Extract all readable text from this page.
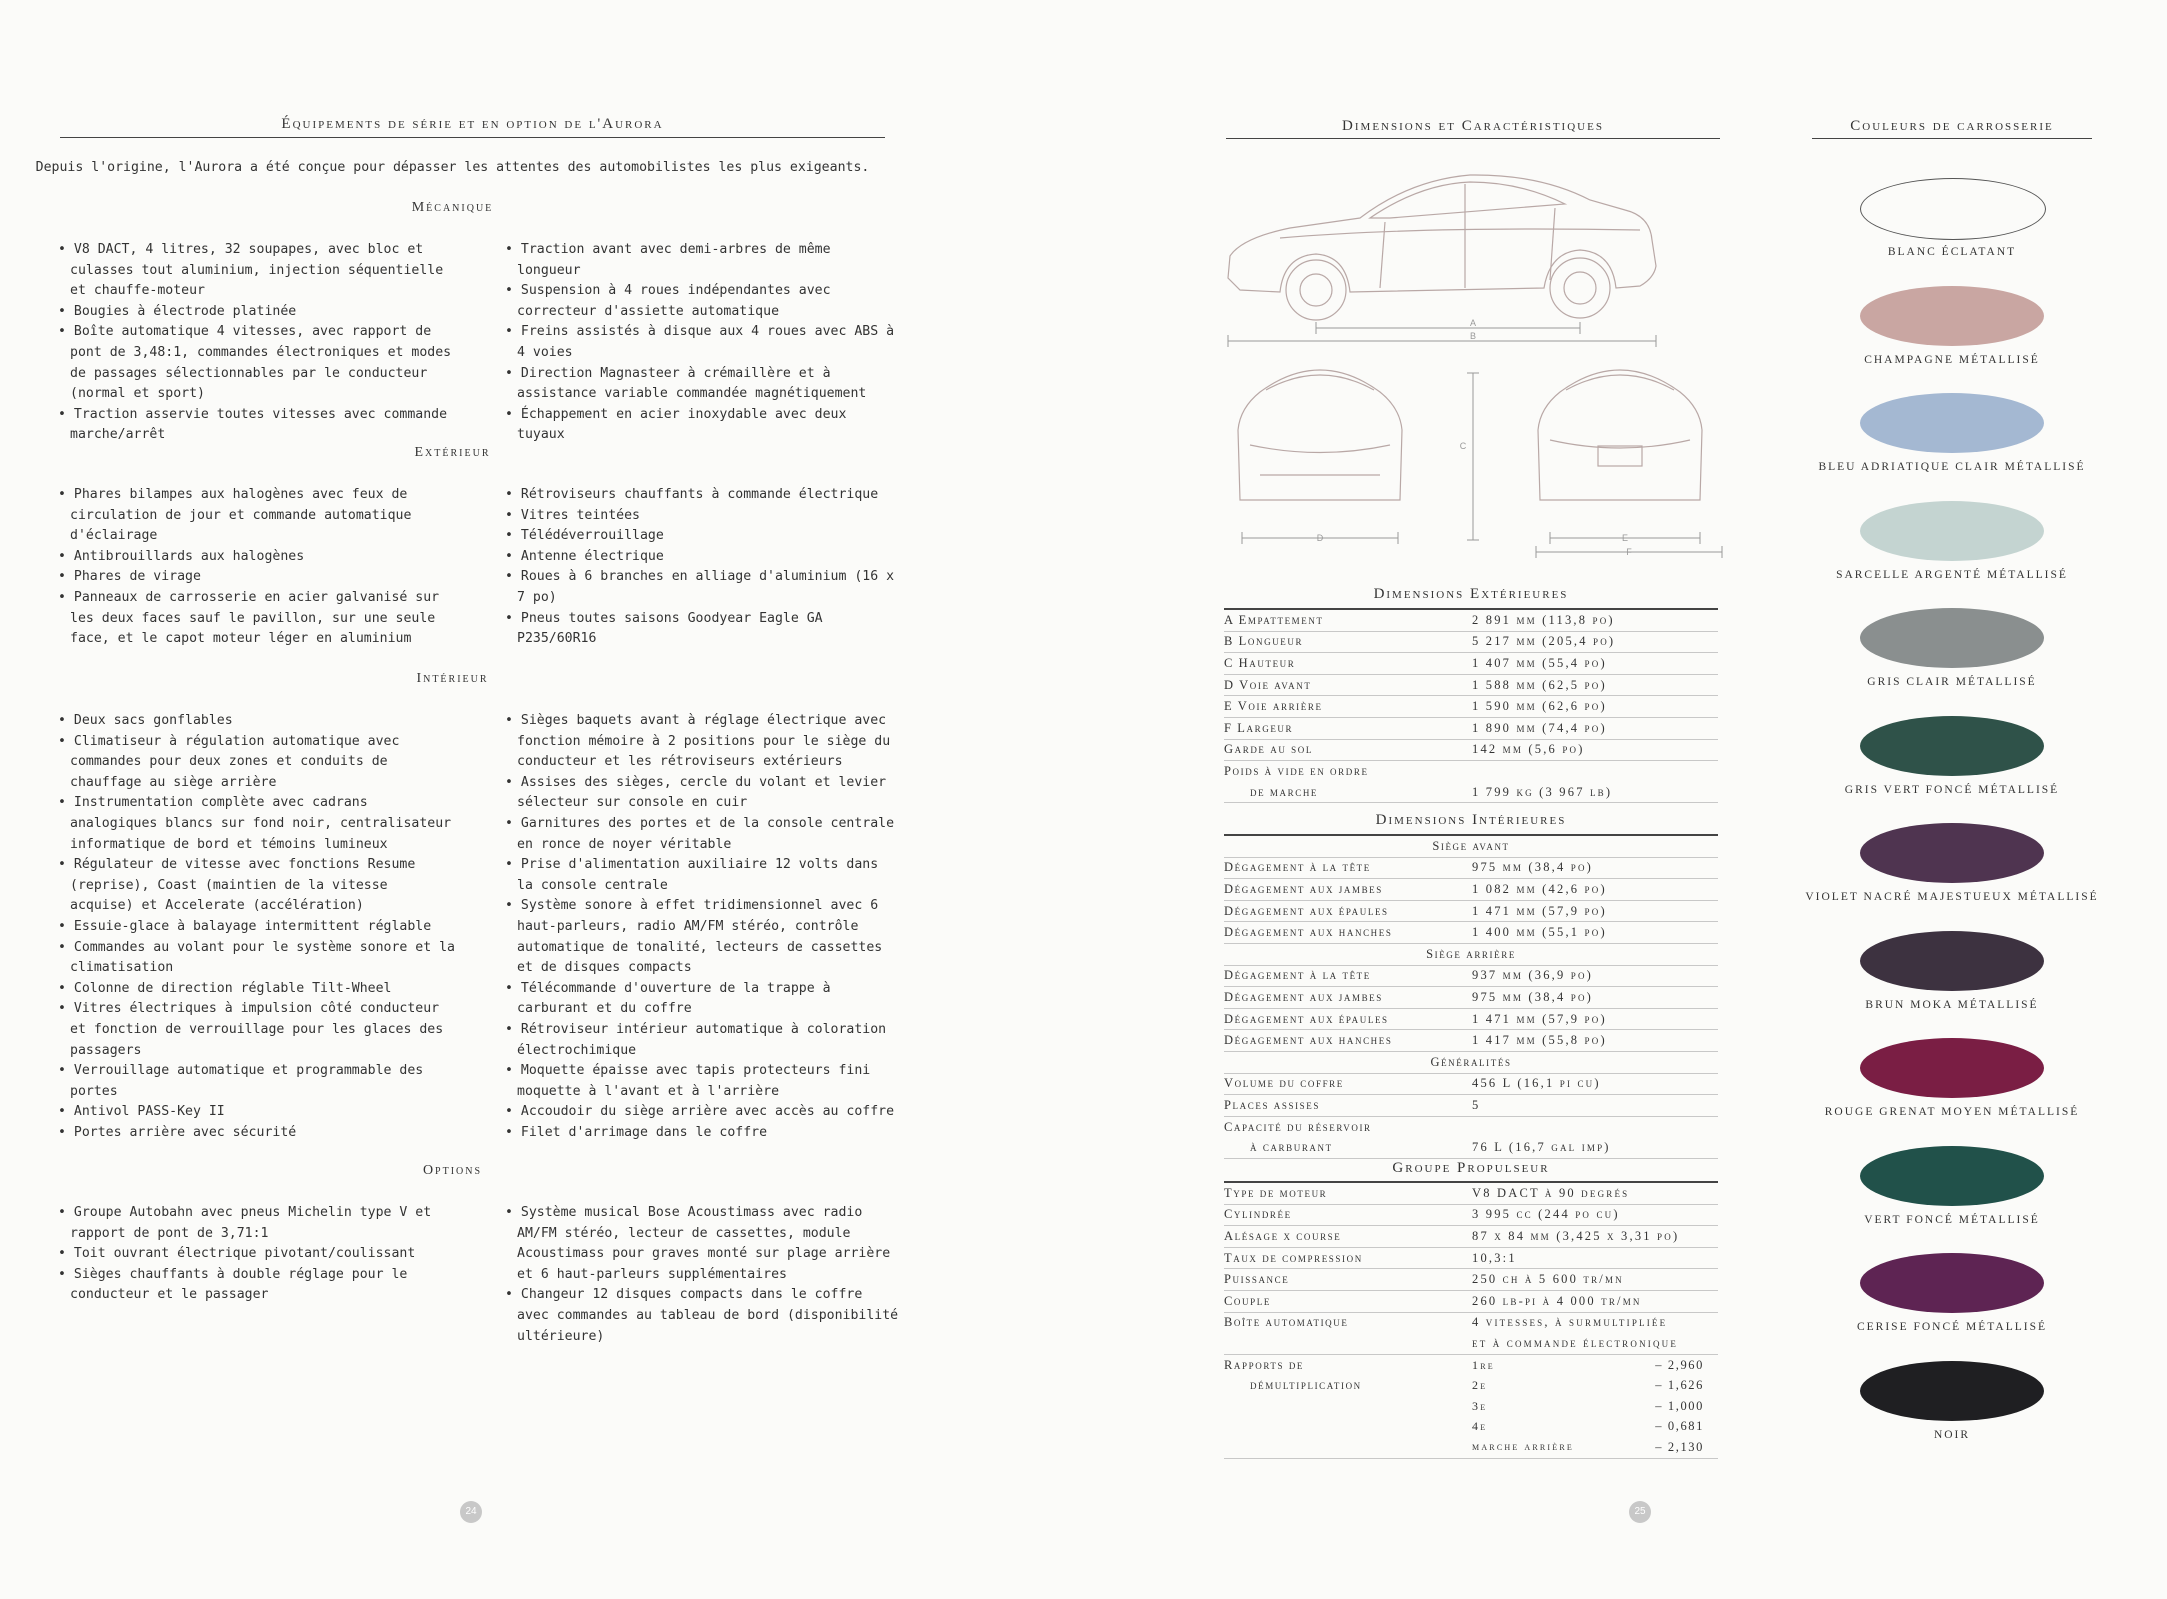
Équipements de série et en option de l'Aurora
Depuis l'origine, l'Aurora a été conçue pour dépasser les attentes des automobilistes les plus exigeants.
Mécanique
• V8 DACT, 4 litres, 32 soupapes, avec bloc et culasses tout aluminium, injection séquentielle et chauffe-moteur
• Bougies à électrode platinée
• Boîte automatique 4 vitesses, avec rapport de pont de 3,48:1, commandes électroniques et modes de passages sélectionnables par le conducteur (normal et sport)
• Traction asservie toutes vitesses avec commande marche/arrêt
• Traction avant avec demi-arbres de même longueur
• Suspension à 4 roues indépendantes avec correcteur d'assiette automatique
• Freins assistés à disque aux 4 roues avec ABS à 4 voies
• Direction Magnasteer à crémaillère et à assistance variable commandée magnétiquement
• Échappement en acier inoxydable avec deux tuyaux
Extérieur
• Phares bilampes aux halogènes avec feux de circulation de jour et commande automatique d'éclairage
• Antibrouillards aux halogènes
• Phares de virage
• Panneaux de carrosserie en acier galvanisé sur les deux faces sauf le pavillon, sur une seule face, et le capot moteur léger en aluminium
• Rétroviseurs chauffants à commande électrique
• Vitres teintées
• Télédéverrouillage
• Antenne électrique
• Roues à 6 branches en alliage d'aluminium (16 x 7 po)
• Pneus toutes saisons Goodyear Eagle GA P235/60R16
Intérieur
• Deux sacs gonflables
• Climatiseur à régulation automatique avec commandes pour deux zones et conduits de chauffage au siège arrière
• Instrumentation complète avec cadrans analogiques blancs sur fond noir, centralisateur informatique de bord et témoins lumineux
• Régulateur de vitesse avec fonctions Resume (reprise), Coast (maintien de la vitesse acquise) et Accelerate (accélération)
• Essuie-glace à balayage intermittent réglable
• Commandes au volant pour le système sonore et la climatisation
• Colonne de direction réglable Tilt-Wheel
• Vitres électriques à impulsion côté conducteur et fonction de verrouillage pour les glaces des passagers
• Verrouillage automatique et programmable des portes
• Antivol PASS-Key II
• Portes arrière avec sécurité
• Sièges baquets avant à réglage électrique avec fonction mémoire à 2 positions pour le siège du conducteur et les rétroviseurs extérieurs
• Assises des sièges, cercle du volant et levier sélecteur sur console en cuir
• Garnitures des portes et de la console centrale en ronce de noyer véritable
• Prise d'alimentation auxiliaire 12 volts dans la console centrale
• Système sonore à effet tridimensionnel avec 6 haut-parleurs, radio AM/FM stéréo, contrôle automatique de tonalité, lecteurs de cassettes et de disques compacts
• Télécommande d'ouverture de la trappe à carburant et du coffre
• Rétroviseur intérieur automatique à coloration électrochimique
• Moquette épaisse avec tapis protecteurs fini moquette à l'avant et à l'arrière
• Accoudoir du siège arrière avec accès au coffre
• Filet d'arrimage dans le coffre
Options
• Groupe Autobahn avec pneus Michelin type V et rapport de pont de 3,71:1
• Toit ouvrant électrique pivotant/coulissant
• Sièges chauffants à double réglage pour le conducteur et le passager
• Système musical Bose Acoustimass avec radio AM/FM stéréo, lecteur de cassettes, module Acoustimass pour graves monté sur plage arrière et 6 haut-parleurs supplémentaires
• Changeur 12 disques compacts dans le coffre avec commandes au tableau de bord (disponibilité ultérieure)
24
Dimensions et Caractéristiques
A
B
C
D	E
F
Dimensions Extérieures
A Empattement	2 891 mm (113,8 po)
B Longueur	5 217 mm (205,4 po)
C Hauteur	1 407 mm (55,4 po)
D Voie avant	1 588 mm (62,5 po)
E Voie arrière	1 590 mm (62,6 po)
F Largeur	1 890 mm (74,4 po)
Garde au sol	142 mm (5,6 po)
Poids à vide en ordre	
de marche	1 799 kg (3 967 lb)
Dimensions Intérieures
Siège avant	
Dégagement à la tête	975 mm (38,4 po)
Dégagement aux jambes	1 082 mm (42,6 po)
Dégagement aux épaules	1 471 mm (57,9 po)
Dégagement aux hanches	1 400 mm (55,1 po)
Siège arrière	
Dégagement à la tête	937 mm (36,9 po)
Dégagement aux jambes	975 mm (38,4 po)
Dégagement aux épaules	1 471 mm (57,9 po)
Dégagement aux hanches	1 417 mm (55,8 po)
Généralités	
Volume du coffre	456 L (16,1 pi cu)
Places assises	5
Capacité du réservoir	
à carburant	76 L (16,7 gal imp)
Groupe Propulseur
Type de moteur	V8 DACT à 90 degrés	
Cylindrée	3 995 cc (244 po cu)	
Alésage x course	87 x 84 mm (3,425 x 3,31 po)	
Taux de compression	10,3:1	
Puissance	250 ch à 5 600 tr/mn	
Couple	260 lb-pi à 4 000 tr/mn	
Boîte automatique	4 vitesses, à surmultipliée	
	et à commande électronique	
Rapports de	1re	– 2,960
démultiplication	2e	– 1,626
	3e	– 1,000
	4e	– 0,681
	marche arrière	– 2,130
Couleurs de carrosserie
BLANC ÉCLATANT
CHAMPAGNE MÉTALLISÉ
BLEU ADRIATIQUE CLAIR MÉTALLISÉ
SARCELLE ARGENTÉ MÉTALLISÉ
GRIS CLAIR MÉTALLISÉ
GRIS VERT FONCÉ MÉTALLISÉ
VIOLET NACRÉ MAJESTUEUX MÉTALLISÉ
BRUN MOKA MÉTALLISÉ
ROUGE GRENAT MOYEN MÉTALLISÉ
VERT FONCÉ MÉTALLISÉ
CERISE FONCÉ MÉTALLISÉ
NOIR
25
